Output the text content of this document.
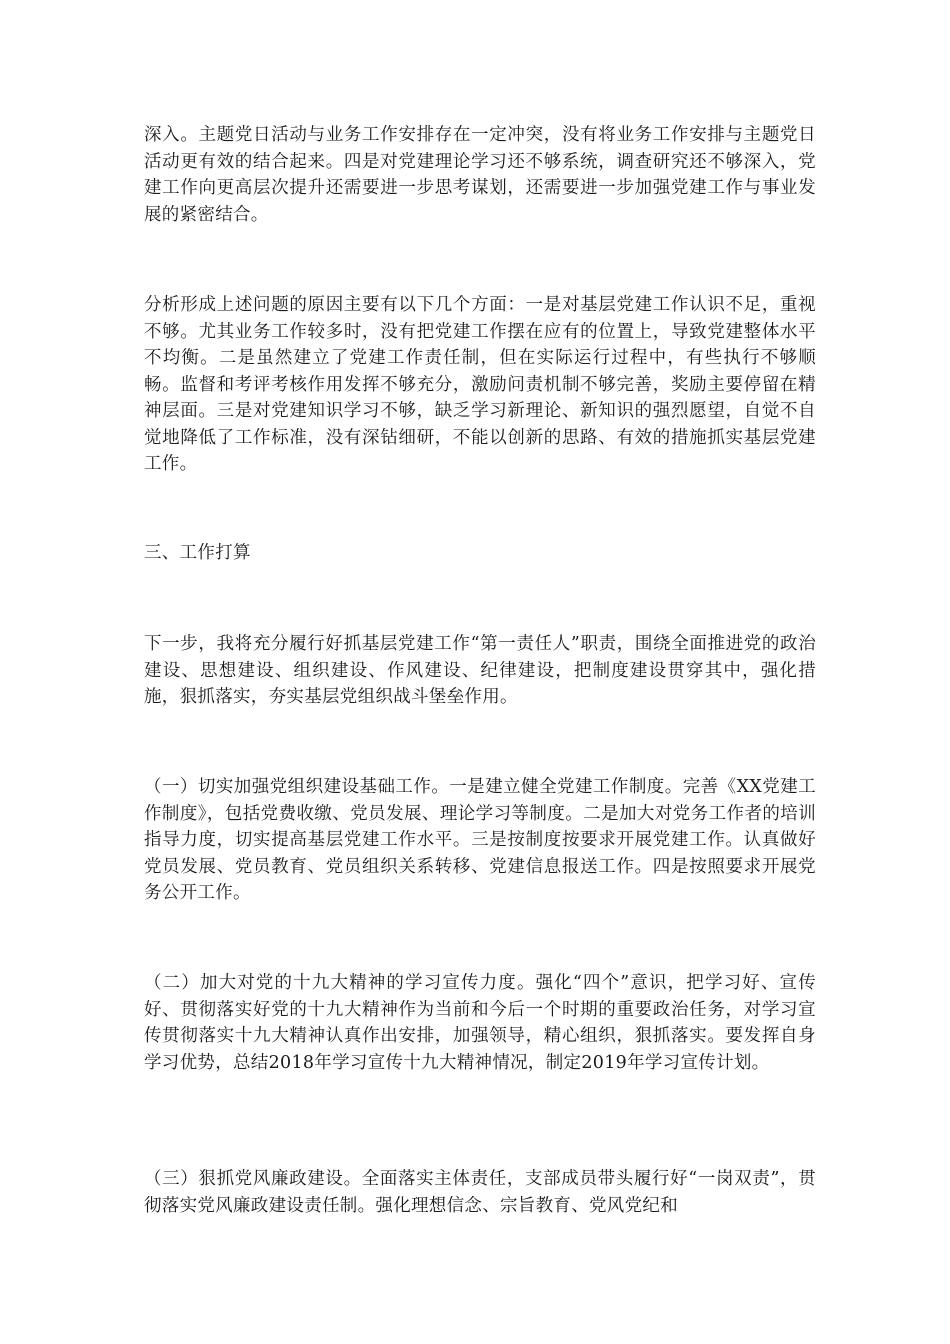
深入。主题党日活动与业务工作安排存在一定冲突，没有将业务工作安排与主题党日活动更有效的结合起来。四是对党建理论学习还不够系统，调查研究还不够深入，党建工作向更高层次提升还需要进一步思考谋划，还需要进一步加强党建工作与事业发展的紧密结合。

分析形成上述问题的原因主要有以下几个方面：一是对基层党建工作认识不足，重视不够。尤其业务工作较多时，没有把党建工作摆在应有的位置上，导致党建整体水平不均衡。二是虽然建立了党建工作责任制，但在实际运行过程中，有些执行不够顺畅。监督和考评考核作用发挥不够充分，激励问责机制不够完善，奖励主要停留在精神层面。三是对党建知识学习不够，缺乏学习新理论、新知识的强烈愿望，自觉不自觉地降低了工作标准，没有深钻细研，不能以创新的思路、有效的措施抓实基层党建工作。

三、工作打算

下一步，我将充分履行好抓基层党建工作“第一责任人”职责，围绕全面推进党的政治建设、思想建设、组织建设、作风建设、纪律建设，把制度建设贯穿其中，强化措施，狠抓落实，夯实基层党组织战斗堡垒作用。

（一）切实加强党组织建设基础工作。一是建立健全党建工作制度。完善《XX党建工作制度》，包括党费收缴、党员发展、理论学习等制度。二是加大对党务工作者的培训指导力度，切实提高基层党建工作水平。三是按制度按要求开展党建工作。认真做好党员发展、党员教育、党员组织关系转移、党建信息报送工作。四是按照要求开展党务公开工作。

（二）加大对党的十九大精神的学习宣传力度。强化“四个”意识，把学习好、宣传好、贯彻落实好党的十九大精神作为当前和今后一个时期的重要政治任务，对学习宣传贯彻落实十九大精神认真作出安排，加强领导，精心组织，狠抓落实。要发挥自身学习优势，总结2018年学习宣传十九大精神情况，制定2019年学习宣传计划。

（三）狠抓党风廉政建设。全面落实主体责任，支部成员带头履行好“一岗双责”，贯彻落实党风廉政建设责任制。强化理想信念、宗旨教育、党风党纪和
